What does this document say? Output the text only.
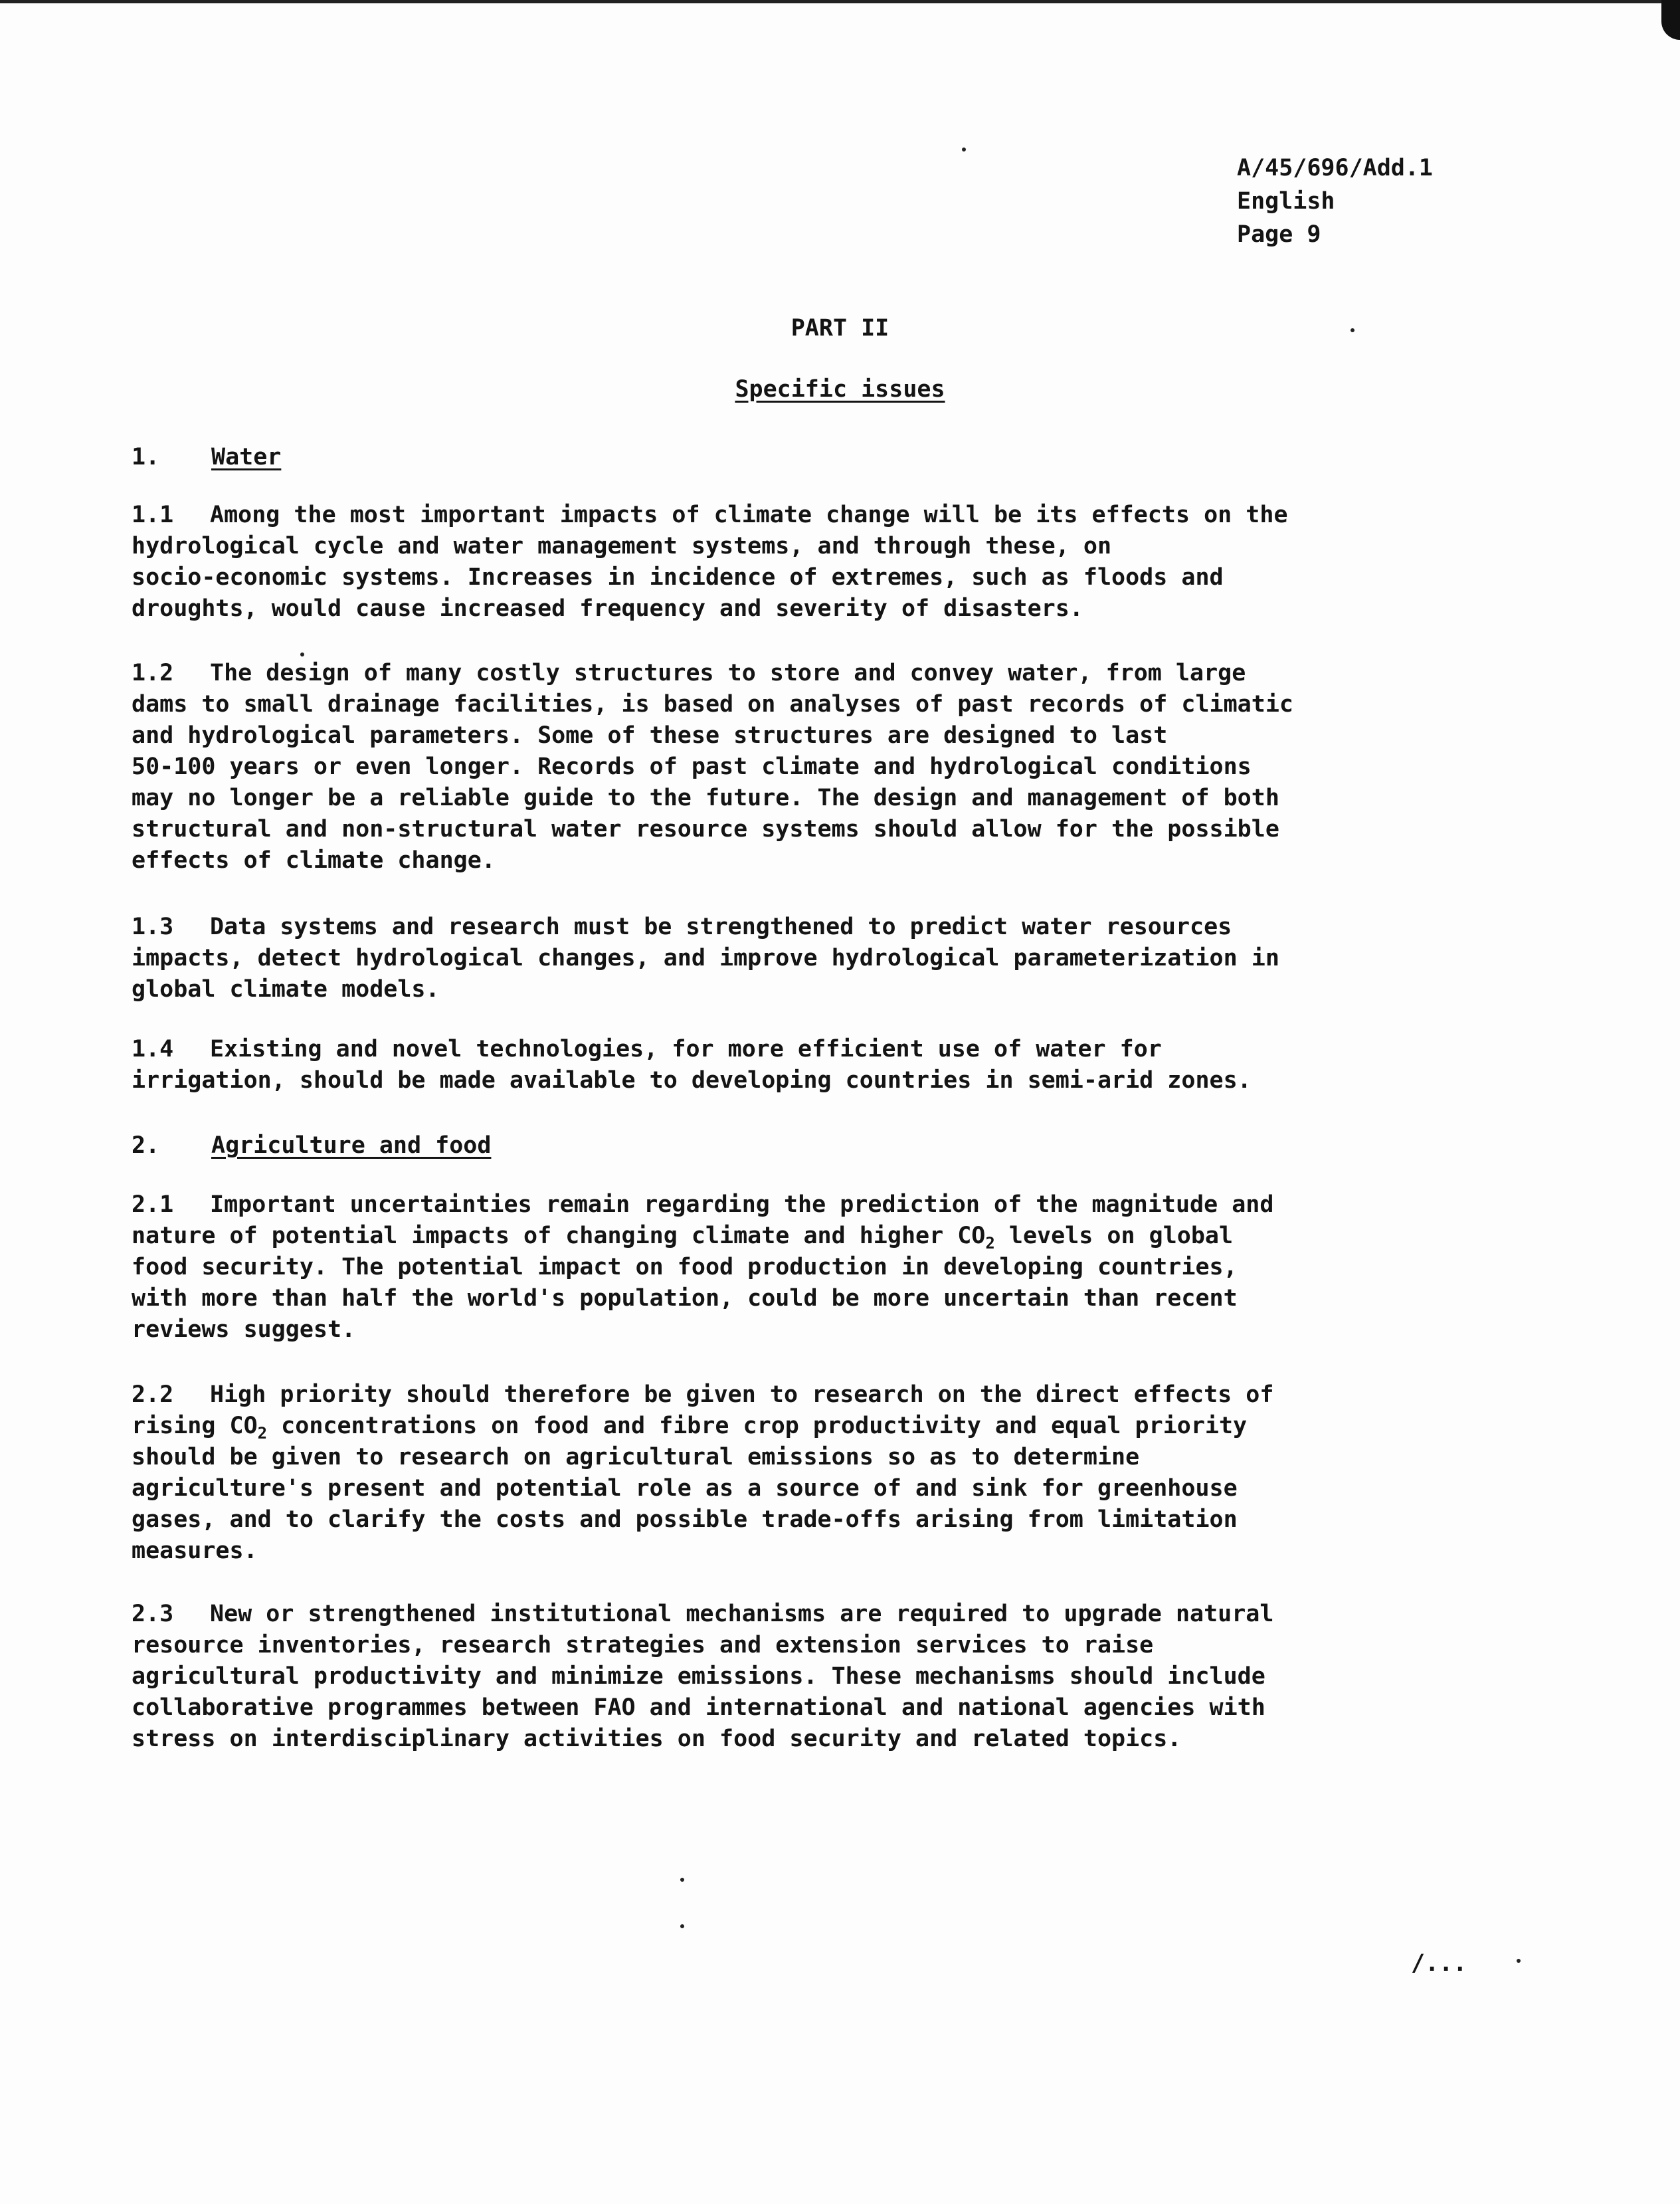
A/45/696/Add.1
English
Page 9
PART II
Specific issues
1. Water
1.1 Among the most important impacts of climate change will be its effects on the
hydrological cycle and water management systems, and through these, on
socio-economic systems. Increases in incidence of extremes, such as floods and
droughts, would cause increased frequency and severity of disasters.
1.2 The design of many costly structures to store and convey water, from large
dams to small drainage facilities, is based on analyses of past records of climatic
and hydrological parameters. Some of these structures are designed to last
50-100 years or even longer. Records of past climate and hydrological conditions
may no longer be a reliable guide to the future. The design and management of both
structural and non-structural water resource systems should allow for the possible
effects of climate change.
1.3 Data systems and research must be strengthened to predict water resources
impacts, detect hydrological changes, and improve hydrological parameterization in
global climate models.
1.4 Existing and novel technologies, for more efficient use of water for
irrigation, should be made available to developing countries in semi-arid zones.
2. Agriculture and food
2.1 Important uncertainties remain regarding the prediction of the magnitude and
nature of potential impacts of changing climate and higher $CO_2$ levels on global
food security. The potential impact on food production in developing countries,
with more than half the world's population, could be more uncertain than recent
reviews suggest.
2.2 High priority should therefore be given to research on the direct effects of
rising $CO_2$ concentrations on food and fibre crop productivity and equal priority
should be given to research on agricultural emissions so as to determine
agriculture's present and potential role as a source of and sink for greenhouse
gases, and to clarify the costs and possible trade-offs arising from limitation
measures.
2.3 New or strengthened institutional mechanisms are required to upgrade natural
resource inventories, research strategies and extension services to raise
agricultural productivity and minimize emissions. These mechanisms should include
collaborative programmes between FAO and international and national agencies with
stress on interdisciplinary activities on food security and related topics.
/...
